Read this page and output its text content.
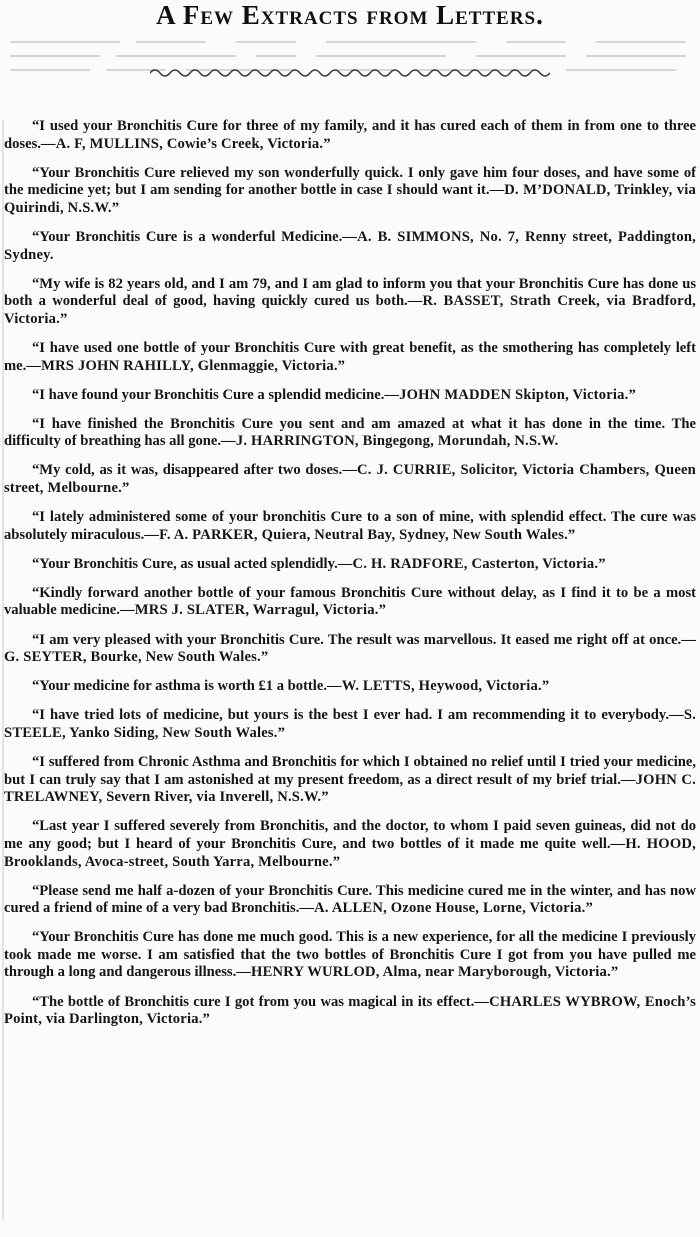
A Few Extracts from Letters.

“I used your Bronchitis Cure for three of my family, and it has cured each of them in from one to three doses.—A. F, MULLINS, Cowie’s Creek, Victoria.”

“Your Bronchitis Cure relieved my son wonderfully quick. I only gave him four doses, and have some of the medicine yet; but I am sending for another bottle in case I should want it.—D. M’DONALD, Trinkley, via Quirindi, N.S.W.”

“Your Bronchitis Cure is a wonderful Medicine.—A. B. SIMMONS, No. 7, Renny street, Paddington, Sydney.

“My wife is 82 years old, and I am 79, and I am glad to inform you that your Bronchitis Cure has done us both a wonderful deal of good, having quickly cured us both.—R. BASSET, Strath Creek, via Bradford, Victoria.”

“I have used one bottle of your Bronchitis Cure with great benefit, as the smothering has completely left me.—MRS JOHN RAHILLY, Glenmaggie, Victoria.”

“I have found your Bronchitis Cure a splendid medicine.—JOHN MADDEN Skipton, Victoria.”

“I have finished the Bronchitis Cure you sent and am amazed at what it has done in the time. The difficulty of breathing has all gone.—J. HARRINGTON, Bingegong, Morundah, N.S.W.

“My cold, as it was, disappeared after two doses.—C. J. CURRIE, Solicitor, Victoria Chambers, Queen street, Melbourne.”

“I lately administered some of your bronchitis Cure to a son of mine, with splendid effect. The cure was absolutely miraculous.—F. A. PARKER, Quiera, Neutral Bay, Sydney, New South Wales.”

“Your Bronchitis Cure, as usual acted splendidly.—C. H. RADFORE, Casterton, Victoria.”

“Kindly forward another bottle of your famous Bronchitis Cure without delay, as I find it to be a most valuable medicine.—MRS J. SLATER, Warragul, Victoria.”

“I am very pleased with your Bronchitis Cure. The result was marvellous. It eased me right off at once.—G. SEYTER, Bourke, New South Wales.”

“Your medicine for asthma is worth £1 a bottle.—W. LETTS, Heywood, Victoria.”

“I have tried lots of medicine, but yours is the best I ever had. I am recommending it to everybody.—S. STEELE, Yanko Siding, New South Wales.”

“I suffered from Chronic Asthma and Bronchitis for which I obtained no relief until I tried your medicine, but I can truly say that I am astonished at my present freedom, as a direct result of my brief trial.—JOHN C. TRELAWNEY, Severn River, via Inverell, N.S.W.”

“Last year I suffered severely from Bronchitis, and the doctor, to whom I paid seven guineas, did not do me any good; but I heard of your Bronchitis Cure, and two bottles of it made me quite well.—H. HOOD, Brooklands, Avoca-street, South Yarra, Melbourne.”

“Please send me half a-dozen of your Bronchitis Cure. This medicine cured me in the winter, and has now cured a friend of mine of a very bad Bronchitis.—A. ALLEN, Ozone House, Lorne, Victoria.”

“Your Bronchitis Cure has done me much good. This is a new experience, for all the medicine I previously took made me worse. I am satisfied that the two bottles of Bronchitis Cure I got from you have pulled me through a long and dangerous illness.—HENRY WURLOD, Alma, near Maryborough, Victoria.”

“The bottle of Bronchitis cure I got from you was magical in its effect.—CHARLES WYBROW, Enoch’s Point, via Darlington, Victoria.”
